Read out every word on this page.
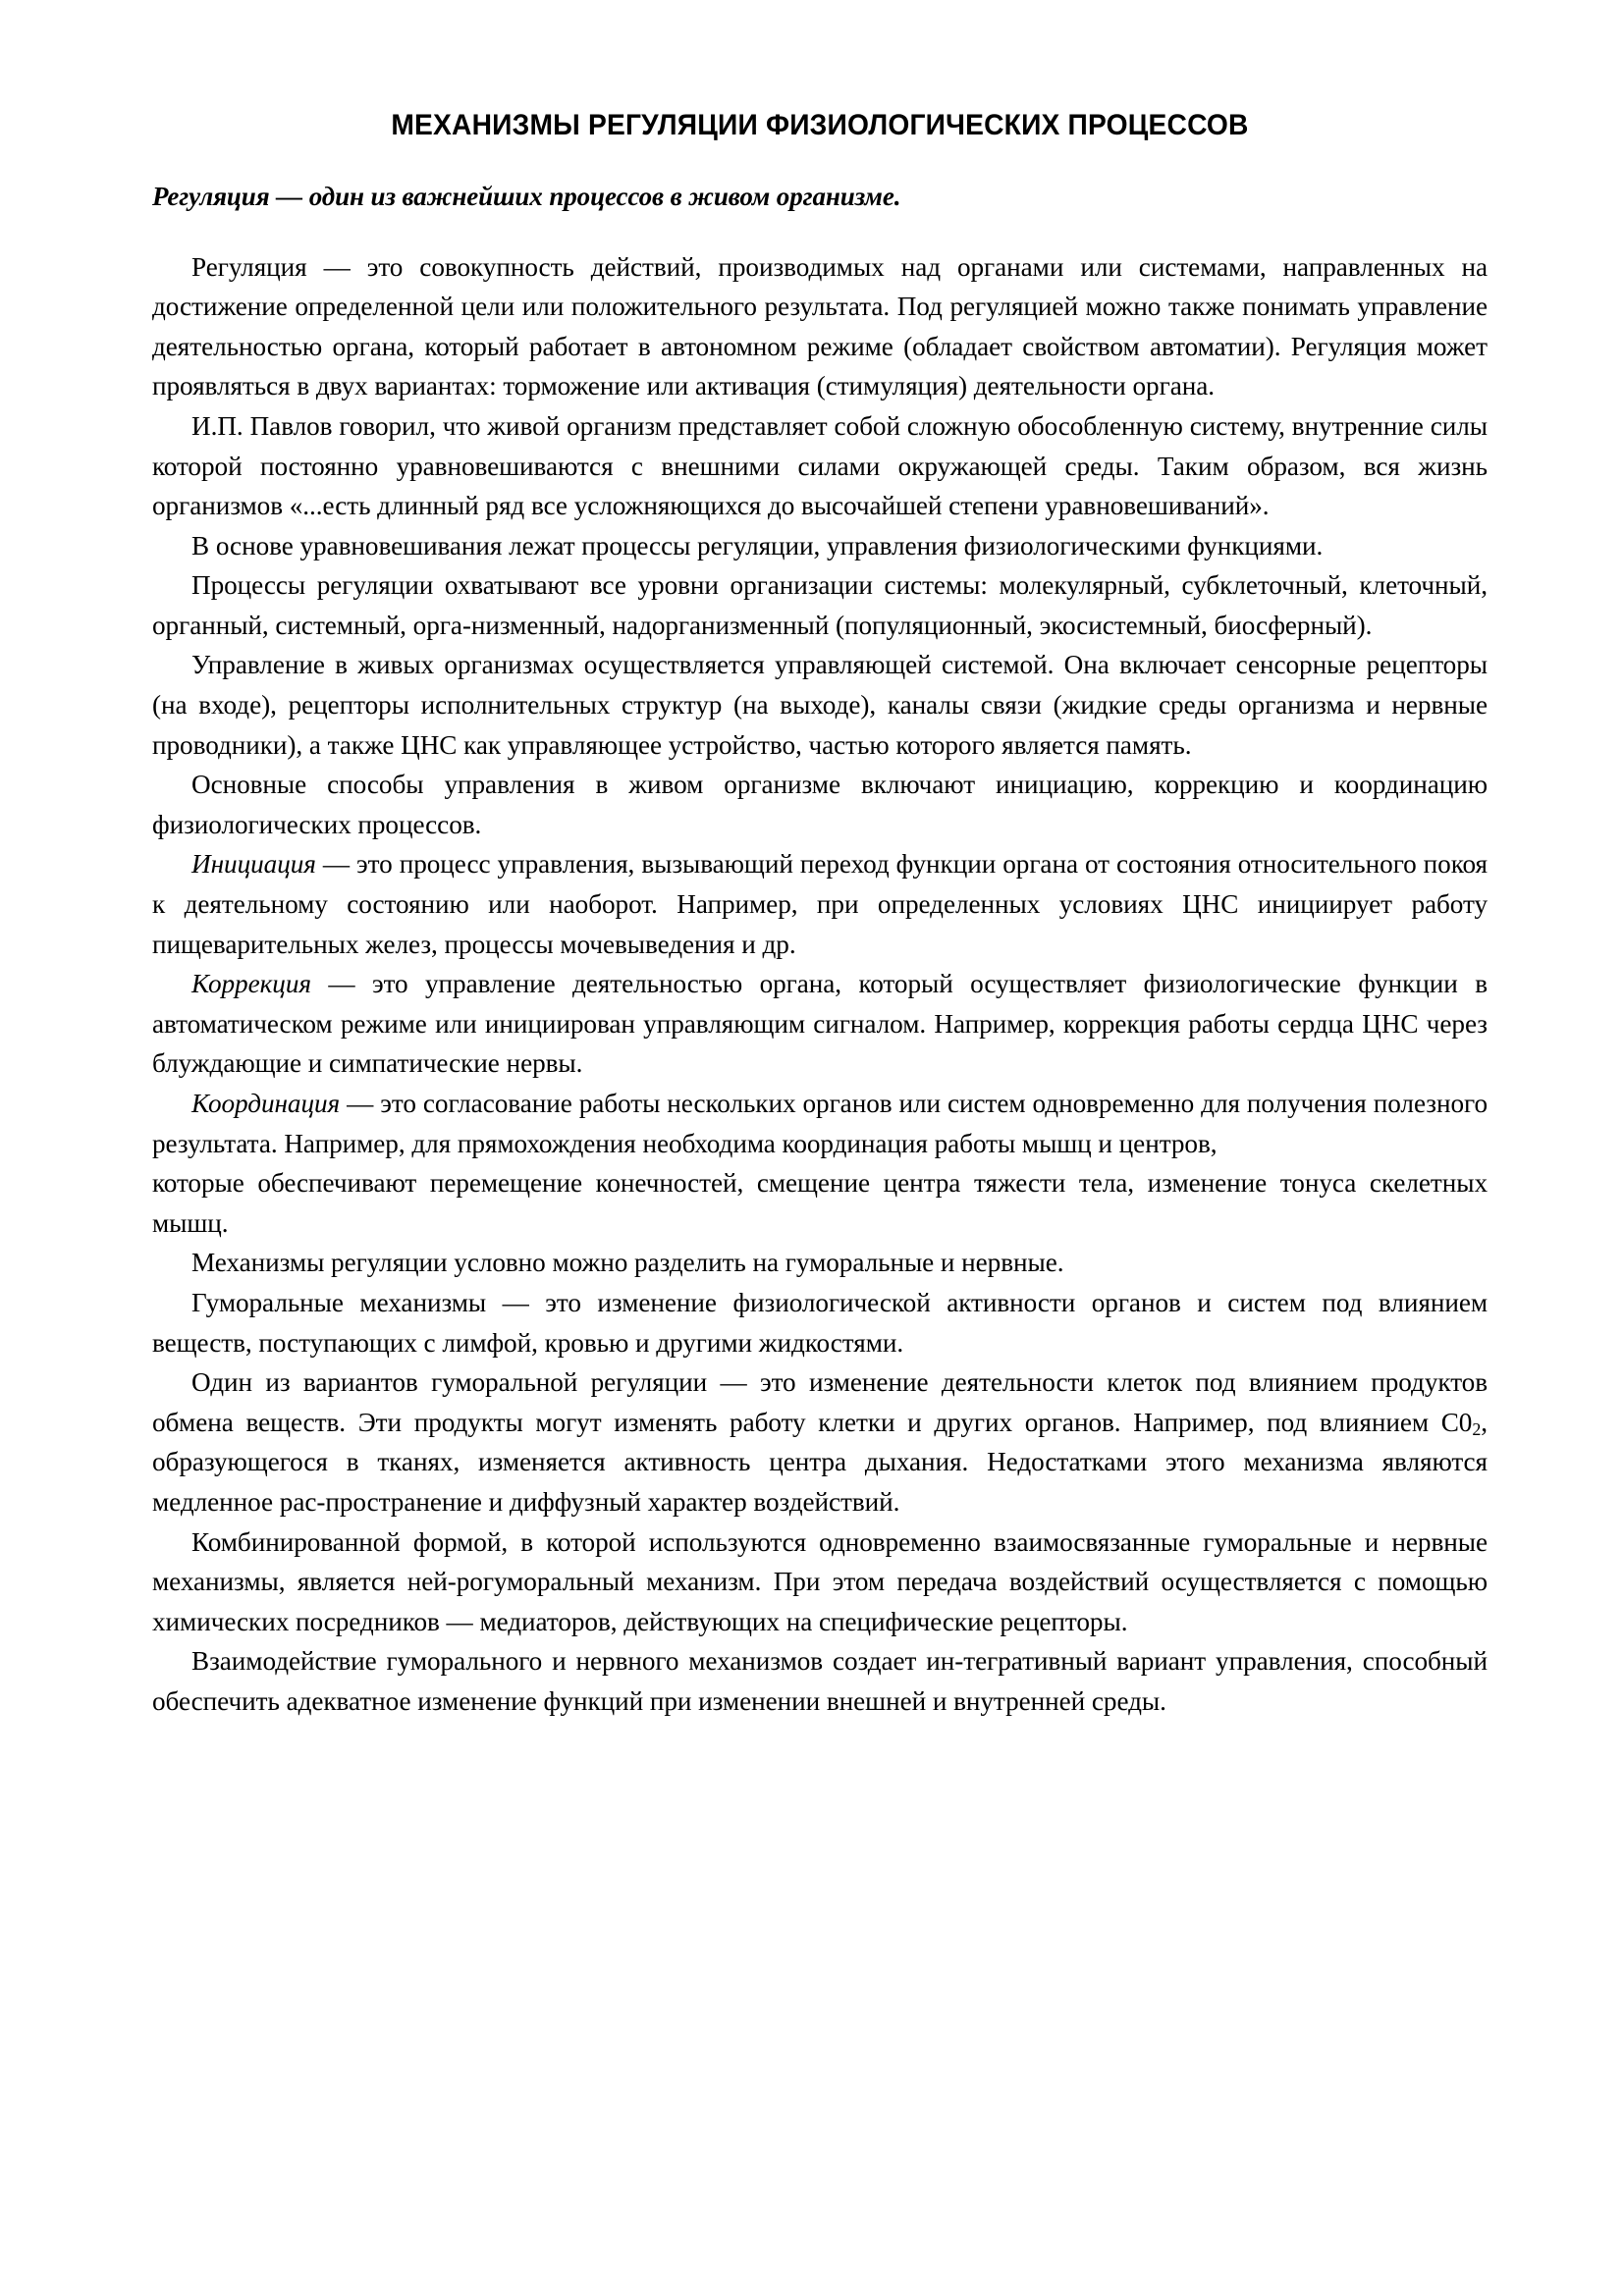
МЕХАНИЗМЫ РЕГУЛЯЦИИ ФИЗИОЛОГИЧЕСКИХ ПРОЦЕССОВ

Регуляция — один из важнейших процессов в живом организме.

Регуляция — это совокупность действий, производимых над органами или системами, направленных на достижение определенной цели или положительного результата. Под регуляцией можно также понимать управление деятельностью органа, который работает в автономном режиме (обладает свойством автоматии). Регуляция может проявляться в двух вариантах: торможение или активация (стимуляция) деятельности органа.

И.П. Павлов говорил, что живой организм представляет собой сложную обособленную систему, внутренние силы которой постоянно уравновешиваются с внешними силами окружающей среды. Таким образом, вся жизнь организмов «...есть длинный ряд все усложняющихся до высочайшей степени уравновешиваний».

В основе уравновешивания лежат процессы регуляции, управления физиологическими функциями.

Процессы регуляции охватывают все уровни организации системы: молекулярный, субклеточный, клеточный, органный, системный, орга-низменный, надорганизменный (популяционный, экосистемный, биосферный).

Управление в живых организмах осуществляется управляющей системой. Она включает сенсорные рецепторы (на входе), рецепторы исполнительных структур (на выходе), каналы связи (жидкие среды организма и нервные проводники), а также ЦНС как управляющее устройство, частью которого является память.

Основные способы управления в живом организме включают инициацию, коррекцию и координацию физиологических процессов.

Инициация — это процесс управления, вызывающий переход функции органа от состояния относительного покоя к деятельному состоянию или наоборот. Например, при определенных условиях ЦНС инициирует работу пищеварительных желез, процессы мочевыведения и др.

Коррекция — это управление деятельностью органа, который осуществляет физиологические функции в автоматическом режиме или инициирован управляющим сигналом. Например, коррекция работы сердца ЦНС через блуждающие и симпатические нервы.

Координация — это согласование работы нескольких органов или систем одновременно для получения полезного результата. Например, для прямохождения необходима координация работы мышц и центров,

которые обеспечивают перемещение конечностей, смещение центра тяжести тела, изменение тонуса скелетных мышц.

Механизмы регуляции условно можно разделить на гуморальные и нервные.

Гуморальные механизмы — это изменение физиологической активности органов и систем под влиянием веществ, поступающих с лимфой, кровью и другими жидкостями.

Один из вариантов гуморальной регуляции — это изменение деятельности клеток под влиянием продуктов обмена веществ. Эти продукты могут изменять работу клетки и других органов. Например, под влиянием $C0_2$, образующегося в тканях, изменяется активность центра дыхания. Недостатками этого механизма являются медленное рас-пространение и диффузный характер воздействий.

Комбинированной формой, в которой используются одновременно взаимосвязанные гуморальные и нервные механизмы, является ней-рогуморальный механизм. При этом передача воздействий осуществляется с помощью химических посредников — медиаторов, действующих на специфические рецепторы.

Взаимодействие гуморального и нервного механизмов создает ин-тегративный вариант управления, способный обеспечить адекватное изменение функций при изменении внешней и внутренней среды.
